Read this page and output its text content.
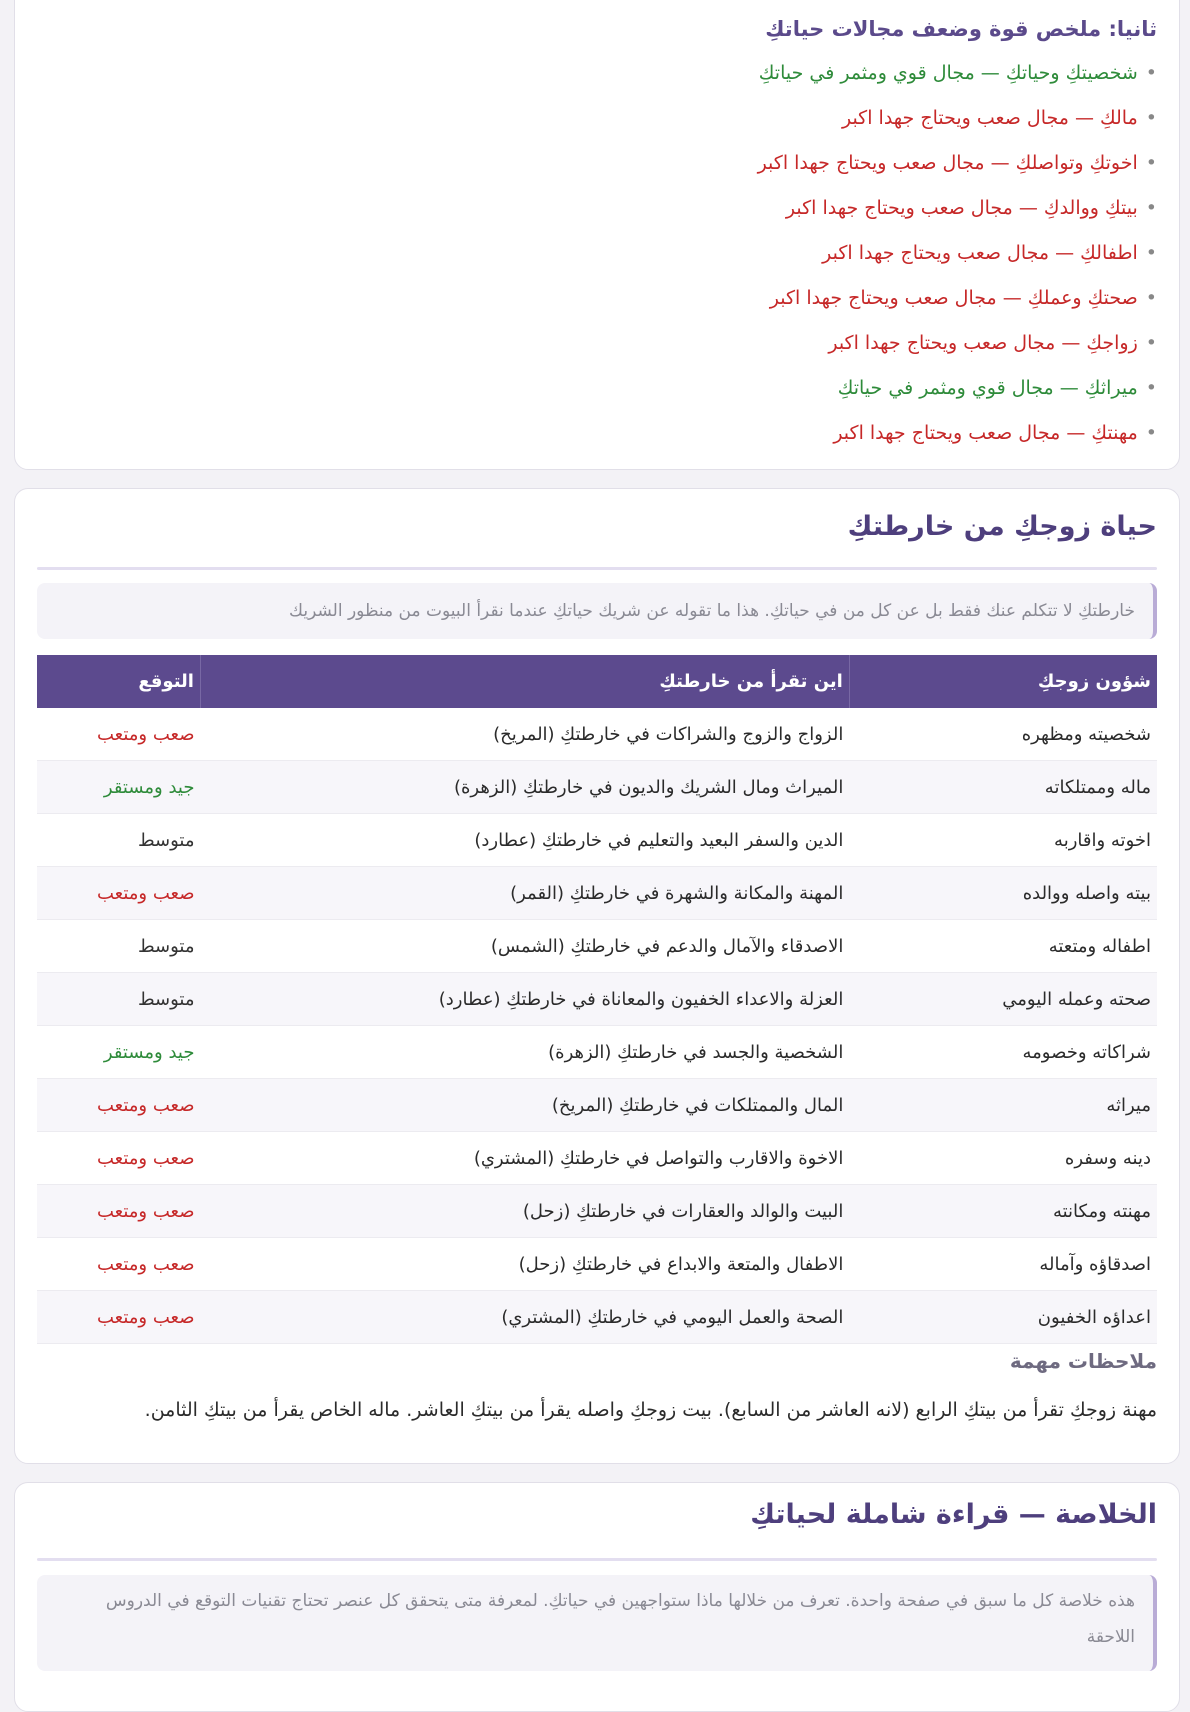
ثانيا: ملخص قوة وضعف مجالات حياتكِ
•شخصيتكِ وحياتكِ — مجال قوي ومثمر في حياتكِ
•مالكِ — مجال صعب ويحتاج جهدا اكبر
•اخوتكِ وتواصلكِ — مجال صعب ويحتاج جهدا اكبر
•بيتكِ ووالدكِ — مجال صعب ويحتاج جهدا اكبر
•اطفالكِ — مجال صعب ويحتاج جهدا اكبر
•صحتكِ وعملكِ — مجال صعب ويحتاج جهدا اكبر
•زواجكِ — مجال صعب ويحتاج جهدا اكبر
•ميراثكِ — مجال قوي ومثمر في حياتكِ
•مهنتكِ — مجال صعب ويحتاج جهدا اكبر
حياة زوجكِ من خارطتكِ
خارطتكِ لا تتكلم عنك فقط بل عن كل من في حياتكِ. هذا ما تقوله عن شريك حياتكِ عندما نقرأ البيوت من منظور الشريك
شؤون زوجكِ	اين تقرأ من خارطتكِ	التوقع
شخصيته ومظهره	الزواج والزوج والشراكات في خارطتكِ (المريخ)	صعب ومتعب
ماله وممتلكاته	الميراث ومال الشريك والديون في خارطتكِ (الزهرة)	جيد ومستقر
اخوته واقاربه	الدين والسفر البعيد والتعليم في خارطتكِ (عطارد)	متوسط
بيته واصله ووالده	المهنة والمكانة والشهرة في خارطتكِ (القمر)	صعب ومتعب
اطفاله ومتعته	الاصدقاء والآمال والدعم في خارطتكِ (الشمس)	متوسط
صحته وعمله اليومي	العزلة والاعداء الخفيون والمعاناة في خارطتكِ (عطارد)	متوسط
شراكاته وخصومه	الشخصية والجسد في خارطتكِ (الزهرة)	جيد ومستقر
ميراثه	المال والممتلكات في خارطتكِ (المريخ)	صعب ومتعب
دينه وسفره	الاخوة والاقارب والتواصل في خارطتكِ (المشتري)	صعب ومتعب
مهنته ومكانته	البيت والوالد والعقارات في خارطتكِ (زحل)	صعب ومتعب
اصدقاؤه وآماله	الاطفال والمتعة والابداع في خارطتكِ (زحل)	صعب ومتعب
اعداؤه الخفيون	الصحة والعمل اليومي في خارطتكِ (المشتري)	صعب ومتعب
ملاحظات مهمة

مهنة زوجكِ تقرأ من بيتكِ الرابع (لانه العاشر من السابع). بيت زوجكِ واصله يقرأ من بيتكِ العاشر. ماله الخاص يقرأ من بيتكِ الثامن.

الخلاصة — قراءة شاملة لحياتكِ
هذه خلاصة كل ما سبق في صفحة واحدة. تعرف من خلالها ماذا ستواجهين في حياتكِ. لمعرفة متى يتحقق كل عنصر تحتاج تقنيات التوقع في الدروس اللاحقة
